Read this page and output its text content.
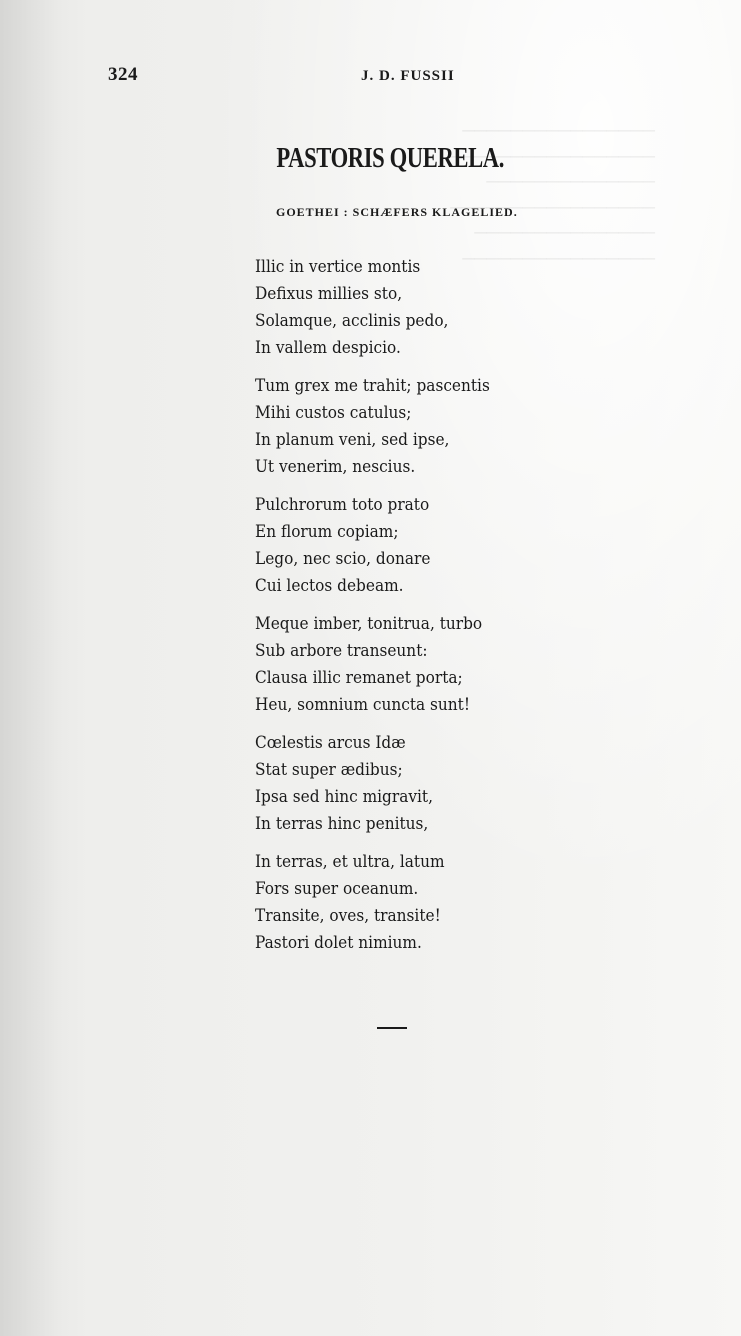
────────────────
─────────────────
──────────────
─────────────────
───────────────
────────────────
324	J. D. FUSSII
PASTORIS QUERELA.
GOETHEI : SCHÆFERS KLAGELIED.
Illic in vertice montis
Defixus millies sto,
Solamque, acclinis pedo,
In vallem despicio.
Tum grex me trahit; pascentis
Mihi custos catulus;
In planum veni, sed ipse,
Ut venerim, nescius.
Pulchrorum toto prato
En florum copiam;
Lego, nec scio, donare
Cui lectos debeam.
Meque imber, tonitrua, turbo
Sub arbore transeunt:
Clausa illic remanet porta;
Heu, somnium cuncta sunt!
Cœlestis arcus Idæ
Stat super ædibus;
Ipsa sed hinc migravit,
In terras hinc penitus,
In terras, et ultra, latum
Fors super oceanum.
Transite, oves, transite!
Pastori dolet nimium.
